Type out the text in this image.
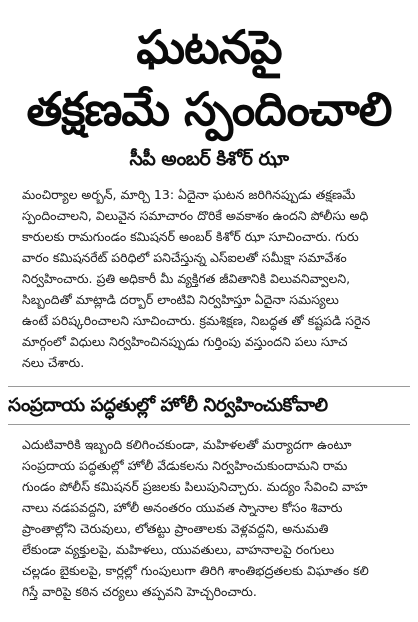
ఘటనపై
తక్షణమే స్పందించాలి
సీపీ అంబర్ కిశోర్ ఝా
మంచిర్యాల అర్బన్, మార్చి 13: ఏదైనా ఘటన జరిగినప్పుడు తక్షణమే
స్పందించాలని, విలువైన సమాచారం దొరికే అవకాశం ఉందని పోలీసు అధి
కారులకు రామగుండం కమిషనర్ అంబర్ కిశోర్ ఝా సూచించారు. గురు
వారం కమిషనరేట్ పరిధిలో పనిచేస్తున్న ఎస్‌ఐలతో సమీక్షా సమావేశం
నిర్వహించారు. ప్రతి అధికారీ మీ వ్యక్తిగత జీవితానికి విలువనివ్వాలని,
సిబ్బందితో మాట్లాడి దర్బార్ లాంటివి నిర్వహిస్తూ ఏదైనా సమస్యలు
ఉంటే పరిష్కరించాలని సూచించారు. క్రమశిక్షణ, నిబద్ధత తో కష్టపడి సరైన
మార్గంలో విధులు నిర్వహించినప్పుడు గుర్తింపు వస్తుందని పలు సూచ
నలు చేశారు.
సంప్రదాయ పద్ధతుల్లో హోలీ నిర్వహించుకోవాలి
ఎదుటివారికి ఇబ్బంది కలిగించకుండా, మహిళలతో మర్యాదగా ఉంటూ
సంప్రదాయ పద్ధతుల్లో హోలీ వేడుకలను నిర్వహించుకుందామని రామ
గుండం పోలీస్ కమిషనర్ ప్రజలకు పిలుపునిచ్చారు. మద్యం సేవించి వాహ
నాలు నడపవద్దని, హోలీ అనంతరం యువత స్నానాల కోసం శివారు
ప్రాంతాల్లోని చెరువులు, లోతట్టు ప్రాంతాలకు వెళ్లవద్దని, అనుమతి
లేకుండా వ్యక్తులపై, మహిళలు, యువతులు, వాహనాలపై రంగులు
చల్లడం బైకులపై, కార్లల్లో గుంపులుగా తిరిగి శాంతిభద్రతలకు విఘాతం కలి
గిస్తే వారిపై కఠిన చర్యలు తప్పవని హెచ్చరించారు.
